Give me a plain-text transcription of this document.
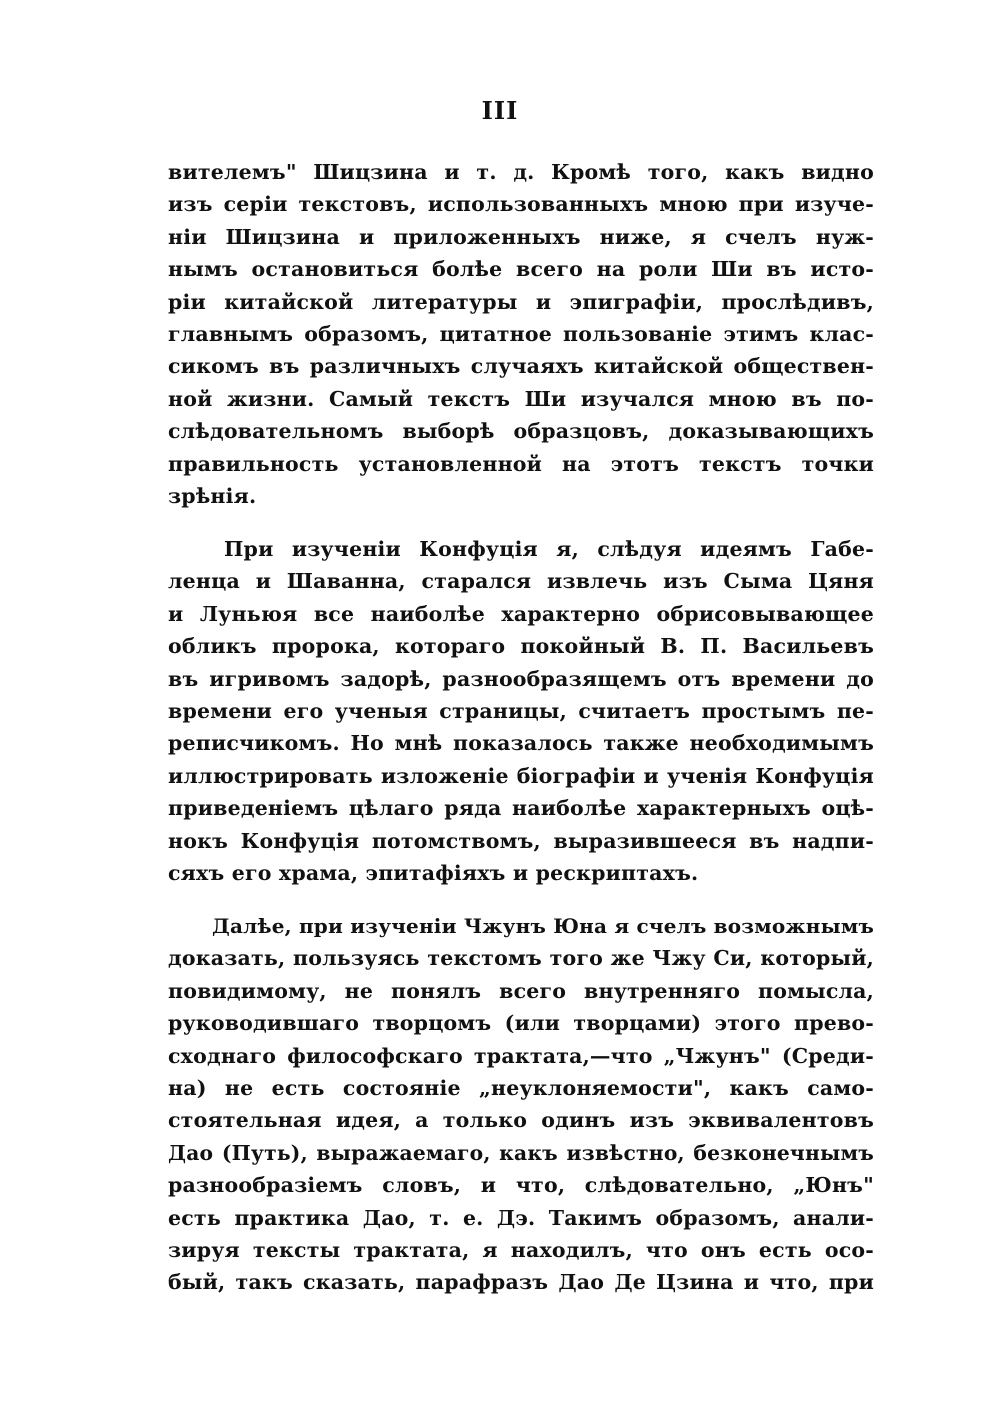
III
вителемъ" Шицзина и т. д. Кромѣ того, какъ видно
изъ серіи текстовъ, использованныхъ мною при изуче-
ніи Шицзина и приложенныхъ ниже, я счелъ нуж-
нымъ остановиться болѣе всего на роли Ши въ исто-
ріи китайской литературы и эпиграфіи, прослѣдивъ,
главнымъ образомъ, цитатное пользованіе этимъ клас-
сикомъ въ различныхъ случаяхъ китайской обществен-
ной жизни. Самый текстъ Ши изучался мною въ по-
слѣдовательномъ выборѣ образцовъ, доказывающихъ
правильность установленной на этотъ текстъ точки
зрѣнія.
При изученіи Конфуція я, слѣдуя идеямъ Габе-
ленца и Шаванна, старался извлечь изъ Сыма Цяня
и Луньюя все наиболѣе характерно обрисовывающее
обликъ пророка, котораго покойный В. П. Васильевъ
въ игривомъ задорѣ, разнообразящемъ отъ времени до
времени его ученыя страницы, считаетъ простымъ пе-
реписчикомъ. Но мнѣ показалось также необходимымъ
иллюстрировать изложеніе біографіи и ученія Конфуція
приведеніемъ цѣлаго ряда наиболѣе характерныхъ оцѣ-
нокъ Конфуція потомствомъ, выразившееся въ надпи-
сяхъ его храма, эпитафіяхъ и рескриптахъ.
Далѣе, при изученіи Чжунъ Юна я счелъ возможнымъ
доказать, пользуясь текстомъ того же Чжу Си, который,
повидимому, не понялъ всего внутренняго помысла,
руководившаго творцомъ (или творцами) этого прево-
сходнаго философскаго трактата,—что „Чжунъ" (Среди-
на) не есть состояніе „неуклоняемости", какъ само-
стоятельная идея, а только одинъ изъ эквивалентовъ
Дао (Путь), выражаемаго, какъ извѣстно, безконечнымъ
разнообразіемъ словъ, и что, слѣдовательно, „Юнъ"
есть практика Дао, т. е. Дэ. Такимъ образомъ, анали-
зируя тексты трактата, я находилъ, что онъ есть осо-
бый, такъ сказать, парафразъ Дао Де Цзина и что, при
